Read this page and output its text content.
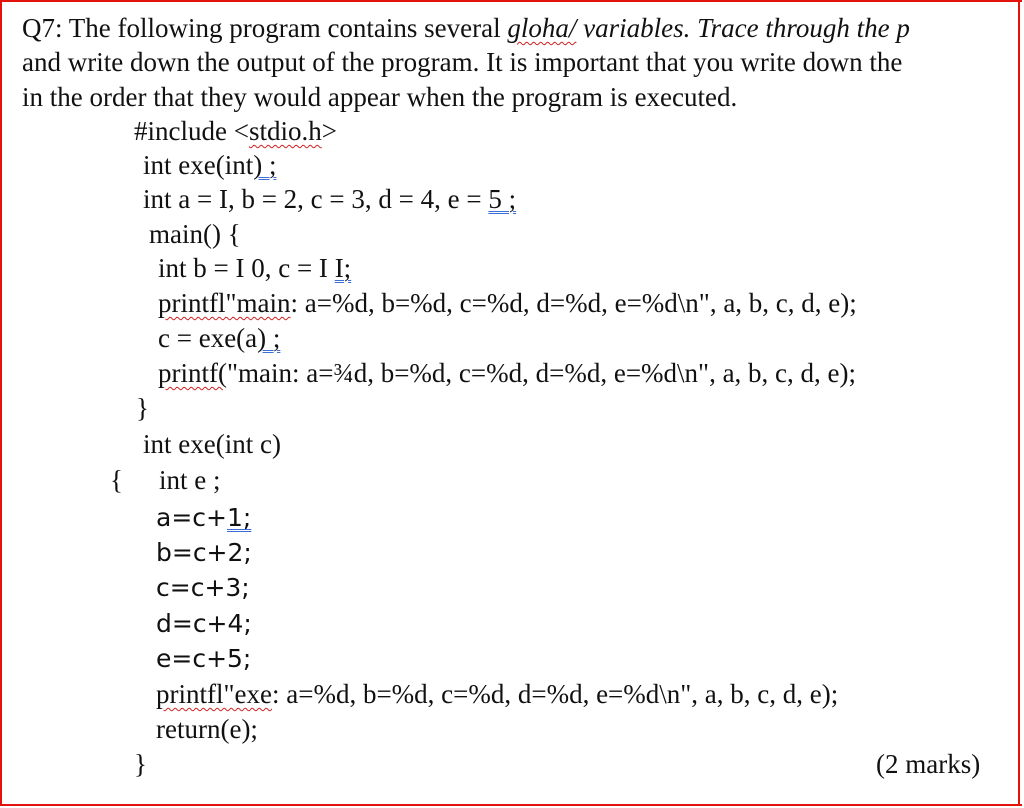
Q7: The following program contains several gloha/ variables. Trace through the p
and write down the output of the program. It is important that you write down the
in the order that they would appear when the program is executed.
#include <stdio.h>
int exe(int) ;
int a = I, b = 2, c = 3, d = 4, e = 5 ;
main() {
int b = I 0, c = I I;
printfl"main: a=%d, b=%d, c=%d, d=%d, e=%d\n", a, b, c, d, e);
c = exe(a) ;
printf("main: a=¾d, b=%d, c=%d, d=%d, e=%d\n", a, b, c, d, e);
}
int exe(int c)
{ int e ;
a=c+1;
b=c+2;
c=c+3;
d=c+4;
e=c+5;
printfl"exe: a=%d, b=%d, c=%d, d=%d, e=%d\n", a, b, c, d, e);
return(e);
}	(2 marks)
